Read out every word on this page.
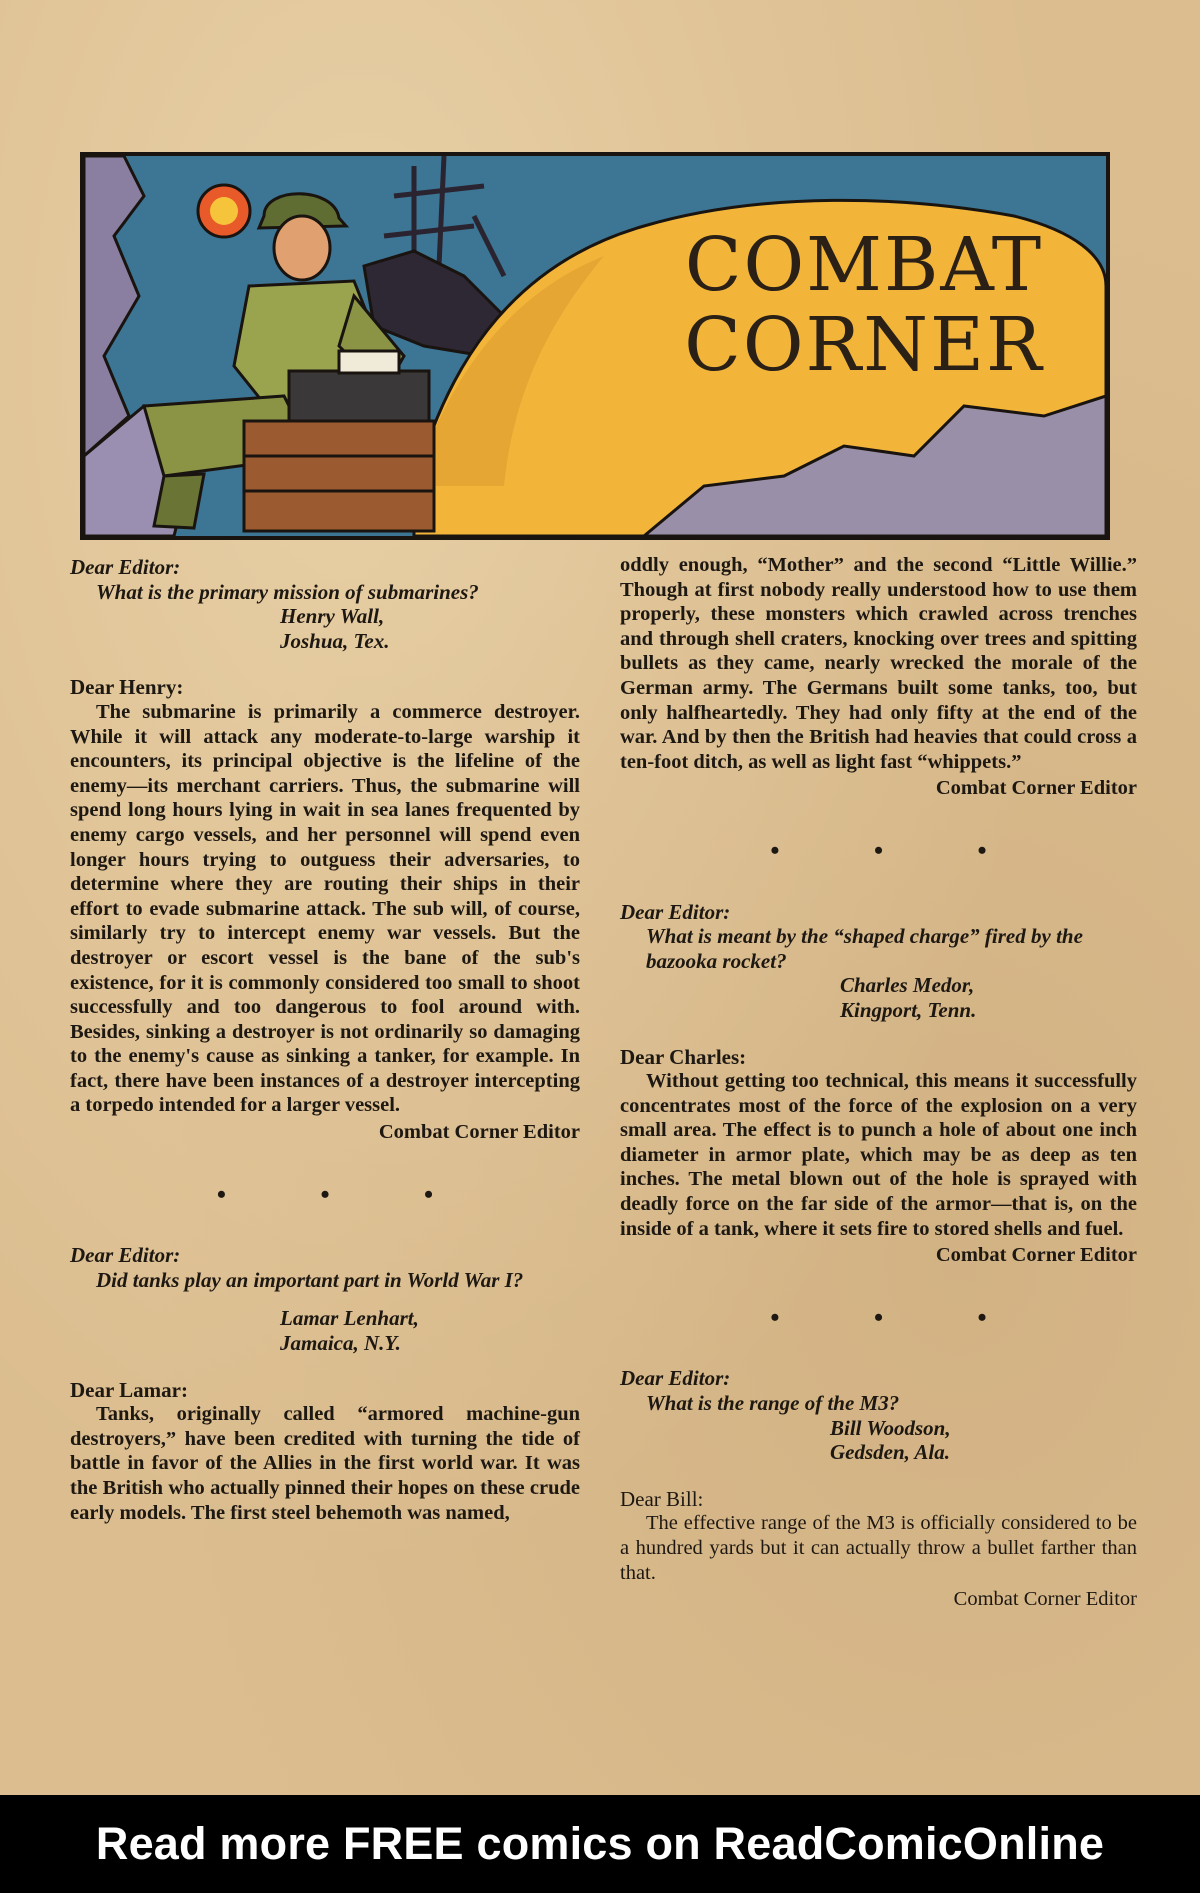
COMBAT
CORNER
Dear Editor:
What is the primary mission of submarines?
Henry Wall,
Joshua, Tex.
Dear Henry:
The submarine is primarily a commerce destroyer. While it will attack any moderate-to-large warship it encounters, its principal objective is the lifeline of the enemy—its merchant carriers. Thus, the submarine will spend long hours lying in wait in sea lanes frequented by enemy cargo vessels, and her personnel will spend even longer hours trying to outguess their adversaries, to determine where they are routing their ships in their effort to evade submarine attack. The sub will, of course, similarly try to intercept enemy war vessels. But the destroyer or escort vessel is the bane of the sub's existence, for it is commonly considered too small to shoot successfully and too dangerous to fool around with. Besides, sinking a destroyer is not ordinarily so damaging to the enemy's cause as sinking a tanker, for example. In fact, there have been instances of a destroyer intercepting a torpedo intended for a larger vessel.
Combat Corner Editor
• • •
Dear Editor:
Did tanks play an important part in World War I?
Lamar Lenhart,
Jamaica, N.Y.
Dear Lamar:
Tanks, originally called “armored machine-gun destroyers,” have been credited with turning the tide of battle in favor of the Allies in the first world war. It was the British who actually pinned their hopes on these crude early models. The first steel behemoth was named,
oddly enough, “Mother” and the second “Little Willie.” Though at first nobody really understood how to use them properly, these monsters which crawled across trenches and through shell craters, knocking over trees and spitting bullets as they came, nearly wrecked the morale of the German army. The Germans built some tanks, too, but only halfheartedly. They had only fifty at the end of the war. And by then the British had heavies that could cross a ten-foot ditch, as well as light fast “whippets.”
Combat Corner Editor
• • •
Dear Editor:
What is meant by the “shaped charge” fired by the bazooka rocket?
Charles Medor,
Kingport, Tenn.
Dear Charles:
Without getting too technical, this means it successfully concentrates most of the force of the explosion on a very small area. The effect is to punch a hole of about one inch diameter in armor plate, which may be as deep as ten inches. The metal blown out of the hole is sprayed with deadly force on the far side of the armor—that is, on the inside of a tank, where it sets fire to stored shells and fuel.
Combat Corner Editor
• • •
Dear Editor:
What is the range of the M3?
Bill Woodson,
Gedsden, Ala.
Dear Bill:
The effective range of the M3 is officially considered to be a hundred yards but it can actually throw a bullet farther than that.
Combat Corner Editor
Read more FREE comics on ReadComicOnline
